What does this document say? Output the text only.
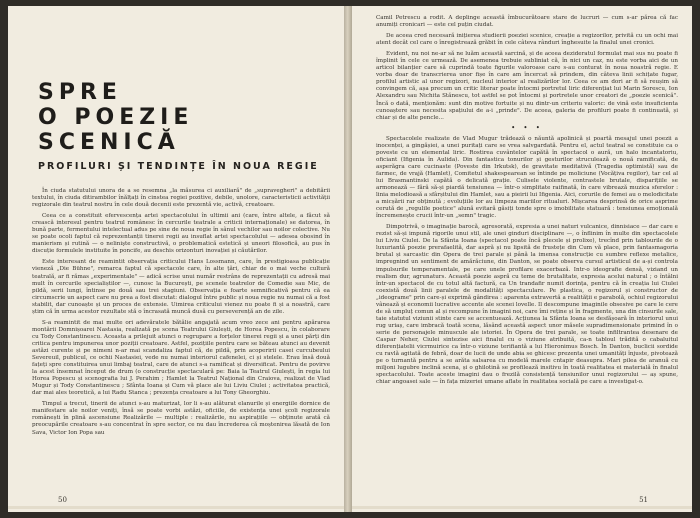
SPRE
O POEZIE SCENICĂ
PROFILURI ȘI TENDINȚE ÎN NOUA REGIE

În ciuda statutului unora de a se resemna „la măsurea ci auxiliară" de „supravegheri" a debitării textului, în ciuda ditirambilor înălțați în cinstea regiei pozitive, debile, unolore, caracteristicii activității regizorale din teatrul nostru în cele două decenii este prezentă vie, activă, creatoare.

Ceea ce a constituit efervescența artei spectacolului în ultimii ani (care, între altele, a făcut să crească interesul pentru teatrul românesc în cercurile teatrale a criticii internaționale) se datorea, în bună parte, fermentului intelectual adus pe sine de noua regie în sânul vechilor sau noilor colective. Nu se poate ocoli faptul că reprezentanții tinerei regii au insuflat artei spectacolului — adesea obosind în manierism și rutină — o nelinişte constructivă, o problematică estetică și uneori filosofică, au pus în discuție formulele instituite în poncife, au deschis orizonturi inovației și căutărilor.

Este interesant de reamintit observația criticului Hans Lossmann, care, în prestigioasa publicație vieneză „Die Bühne", remarca faptul că spectacole care, în alte țări, chiar de o mai veche cultură teatrală, ar fi rămas „experimentale" — adică scrise unui număr restrâns de reprezentații cu adresă mai mult în cercurile specialiștilor —, cunosc la București, pe scenele teatrelor de Comedie sau Mic, de pildă, serii lungi, întinse pe două sau trei stagiuni. Observația e foarte semnificativă pentru că ea circumscrie un aspect care nu prea a fost discutat: dialogul între public și noua regie nu numai că a fost stabilit, dar cunoaște și un proces de extensie. Uimirea criticului vienez nu poate fi și a noastră, care știm că în urma acestor rezultate stă o încrasată muncă dusă cu perseverență an de zile.

S-a reamintit de mai multe ori adevăratele bătălie angajată acum vreo zece ani pentru apărarea montării Domnișoarei Nastasia, realizată pe scena Teatrului Giulești, de Horea Popescu, în colaborare cu Tody Constantinescu. Aceasta a prilejuit atunci o regrupare a forțelor tinerei regii și a unei părți din critica pentru impunerea unor poziții creatoare. Astfel, pozițiile pentru care se băteau atunci au devenit astăzi curente și pe nimeni n-ar mai scandaliza faptul că, de pildă, prin acoperirii casei curcubeului Severeuil, publicul, ce ochii Nastasiei, vede nu numai interiorul cafenelei, ci și stelele. Erau însă două fațeți spre constituirea unui limbaj teatral, care de atunci s-a ramificat și diversificat. Pentru de povirve la acest însemnat început de drum (o construcție spectaculară pe: Baia la Teatrul Giulești, în regia lui Horea Popescu și scenografia lui J. Perahim ; Hamlet la Teatrul Național din Craiova, realizat de Vlad Mugur și Tody Constantinescu ; Sfânta Ioana și Cum vă place ale lui Liviu Ciulei ; activitatea practică, dar mai ales teoretică, a lui Radu Stanca ; prezența creatoare a lui Tony Gheorghiu.

Timpul a trecut, tinerii de atunci s-au maturizat, lor li s-au alăturat elanurile și energiile dornice de manifestare ale noilor veniți, însă se poate vorbi astăzi, oficiile, de existența unei școli regizorale românești în plină ascensiune Realizările — multiple : realizările, nu aspirațiile — obținute arată că preocupările creatoare s-au concentrat în spre sector, ce nu dau încrederea că moștenirea lăsată de Ion Sava, Victor Ion Popa sau

50

Camil Petrescu a rodit. A deplinge această îmbucurătoare stare de lucruri — cum s-ar părea că fac anumiți cronicari — este cel puțin ciudat.

De aceea cred necesară inițierea studierii poeziei scenice, creație a regizorilor, privită cu un ochi mai atent decât cel care o înregistrează grăbit în cele câteva rânduri înghesuite la finalul unei cronici.

Evident, nu noi ne-ar să ne luăm această sarcină, și de aceea dezideratul formulat mai sus nu poate fi împlinit în cele ce urmează. De asemenea trebuie subliniat că, în nici un caz, nu este vorba aici de un articol bilanțier care să cuprindă toate figurile valoroase care s-au conturat în noua noastră regie. E vorba doar de transcrierea unor fișe în care am încercat să prindem, din câteva linii schițate fugar, profilul artistic al unor regizori, nucleul interior al realizărilor lor. Ceea ce am dori ar fi să reușim să convingem că, așa precum un critic literar poate întocmi portretul liric diferențiat lui Marin Sorescu, Ion Alexandru sau Nichita Stănescu, tot astfel se pot întocmi și portretele unor creatori de „poezie scenică". Încă o dată, menționăm: sunt din motive fortuite și nu dintr-un criteriu valoric: de vină este insuficienta cunoaștere sau necesita spațiului de a-i „prinde". De aceea, galeria de profiluri poate fi continuată, și chiar și de alte pencle...

• • •

Spectacolele realizate de Vlad Mugur trădează o năuntă apolinică și poartă mesajul unei poezii a inocenței, a gingășiei, a unei puritați care se vrea salvgardată. Pentru el, actul teatral se constituie ca o poveste cu un elemental liric. Rostirea cuvântelor capătă în spectacol o aură, un halo incantatoriu, oficiant (Ifigenia în Aulida). Din fantastica tonurilor și gesturilor struculează o nouă ramificată, de asperăgra care cucinaste (Povestе din Irkutsk), de gravitate meditativă (Tragedia optimistă) sau de farmec, de vrajă (Hamlet), Comitetul shakespearean se întinde pe moliciune (Vocățiva regilor), tar cel al lui Brasmantinski capătă o delicată grație. Culisele violente, contrastele brutale, disparițiile se armonează — fără să-și piardă tensiunea — într-o simplitate raifinată, în care vibrează muzica sferelor : linia melodioasă a sfârșitului din Hamlet, sau a pieirii lui Ifigenia. Aici, corurile de femei au o melodicitate a micșării rar obținută ; evoluțiile lor au limpeza mariilor ritualuri. Mișcarea desprinsă de orice asprime cerută de „regulile poetice" alună evitară găsiți tonde spre o imobilitate statuară : tensiunea emoțională încremenește crucii într-un „semn" tragic.

Dimpotrivă, o imaginație barocă, agresorată, expresia a unei naturi vulcanice, dinnisiace — dar care e rezist să-și impună rigorile unui stil, ale unei ginduri disciplinare —, o înflinim în multe din spectacolele lui Liviu Ciulei. De la Sfânta Ioana (spectacol poate încă plecele și prolixe), trecînd prin tablourile de o luxuriantă poezie prerafaelită, dar aspră și nu lipsită de frustețe din Cum vă place, prin fantasmagoria brutal și sarcastic din Opera de trei parale și până la imensa construcție cu sumbre reflexe metalice, impregnind un sentiment de amărăciune, din Danton, se poate observa cursul artisticul de a-și controla impulsurile temperamentale, pe care unele profilare exacerbază. Intr-o ideografie densă, viziand un realism dur, agrunaturs. Această poezie aspră cu teme de brutalitate, expresia acelui natural ; o întâlni într-un spectacol de cu totul altă factură, ca Un trandafir numit dorința, pentru că în creația lui Ciulei coexistă două linii paralele de modalități spectaculare. Pe plastica, o regizorul și constructor de „ideograme" prin care-și exprimă gândirea : aparenta extravertă a realității e parabolă, ochiul regizorului vânează și economii lucrative accente ale scenei lovelle. Il descompune imaginile obsesive pe care le cere de să umpluț comun al și recompune în imagini noi, care îmi reține și în fragmente, una din cinsurile sale, taie statutul viziunii stinte care se accentuează. Acțiunea la Sfânta Ioana se desfășoară în interiorul unui rug uriaș, care imbracă toată scena, lăsând această aspect unor măsele supradimensionate primind în o serie de personajele minuscule ale istoriei. În Opera de trei parale, se toate infiltrantea desenare de Caspar Neher, Ciulei sintezise aici finalul cu o viziune atribuită, ca-n tabloul trădită o cabaluitul diferențiatelii vicrmuirice ca într-o viziune terifiantă a lui Hieronimus Bosch. În Danton, buclicii sordide cu ravlă agitată de febră, doar de lucii de unde abia se ghicesc prezenta unei umanități înjuste, pivotează pe o turnantă pentru a se arăta salsarea cu modelă marele cntapir deasupra. Mari pilea de aranuă cu miljoni lugubre inclină scena, și o ghilotină se profilează insitivu în toată realitatea ei materială în finalul spectacolului. Toate aceste imagini dau o frezilă consistență tensiunilor unui regizorului — aș spune, chiar angoasei sale — în fața mizeriei umane aflate în realitatea socială pe care a investigat-o.

51
